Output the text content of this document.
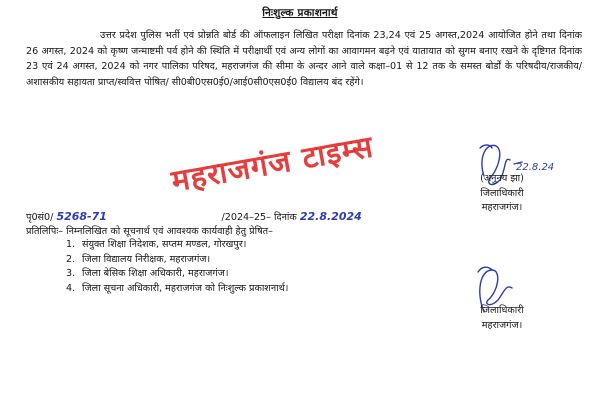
निःशुल्क प्रकाशनार्थ

उत्तर प्रदेश पुलिस भर्ती एवं प्रोन्नति बोर्ड की ऑफलाइन लिखित परीक्षा दिनांक 23,24 एवं 25 अगस्त,2024 आयोजित होने तथा दिनांक 26 अगस्त, 2024 को कृष्ण जन्माष्टमी पर्व होने की स्थिति में परीक्षार्थी एवं अन्य लोगों का आवागमन बढ़ने एवं यातायात को सुगम बनाए रखने के दृष्टिगत दिनांक 23 एवं 24 अगस्त, 2024 को नगर पालिका परिषद, महराजगंज की सीमा के अन्दर आने वाले कक्षा–01 से 12 तक के समस्त बोर्डों के परिषदीय/राजकीय/अशासकीय सहायता प्राप्त/स्ववित्त पोषित/ सी0बी0एस0ई0/आई0सी0एस0ई0 विद्यालय बंद रहेंगे।

22.8.24
(अनुनय झा)
जिलाधिकारी
महराजगंज।
पृ0सं0/ 5268-71	/2024–25– दिनांक 22.8.2024
प्रतिलिपिः– निम्नलिखित को सूचनार्थ एवं आवश्यक कार्यवाही हेतु प्रेषित–
1. संयुक्त शिक्षा निदेशक, सप्तम मण्डल, गोरखपुर।
2. जिला विद्यालय निरीक्षक, महराजगंज।
3. जिला बेसिक शिक्षा अधिकारी, महराजगंज।
4. जिला सूचना अधिकारी, महराजगंज को निःशुल्क प्रकाशनार्थ।
जिलाधिकारी
महराजगंज।
महराजगंज टाइम्स
